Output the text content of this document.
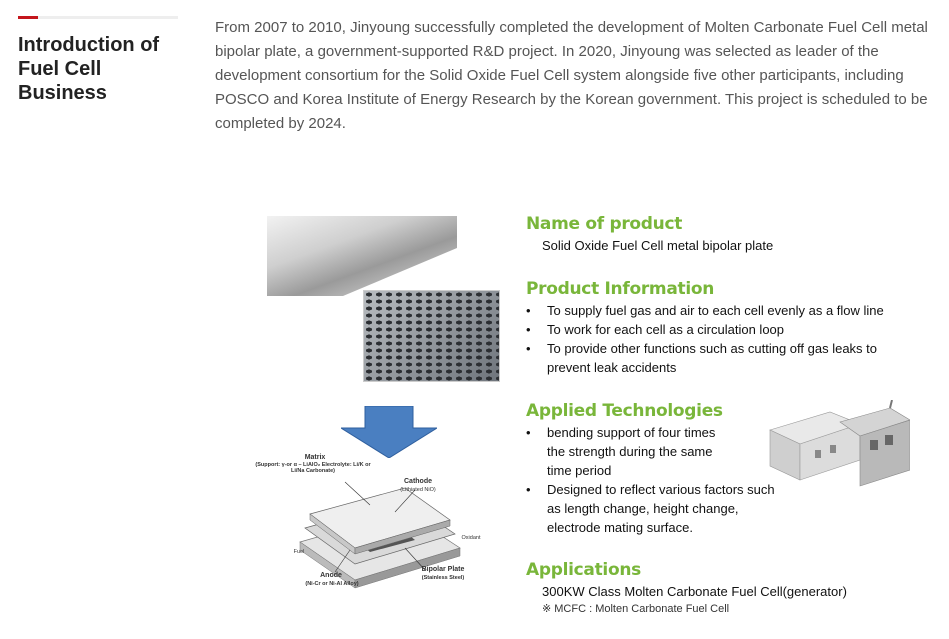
Introduction of Fuel Cell Business

From 2007 to 2010, Jinyoung successfully completed the development of Molten Carbonate Fuel Cell metal bipolar plate, a government-supported R&D project. In 2020, Jinyoung was selected as leader of the development consortium for the Solid Oxide Fuel Cell system alongside five other participants, including POSCO and Korea Institute of Energy Research by the Korean government. This project is scheduled to be completed by 2024.

Matrix
(Support: γ-or α – LiAlO₂ Electrolyte: Li/K or Li/Na Carbonate)
Cathode
(Lithiated NiO)
Oxidant
Fuel
Anode
(Ni-Cr or Ni-Al Alloy)
Bipolar Plate
(Stainless Steel)
Name of product

Solid Oxide Fuel Cell metal bipolar plate

Product Information
• To supply fuel gas and air to each cell evenly as a flow line
• To work for each cell as a circulation loop
• To provide other functions such as cutting off gas leaks to prevent leak accidents
Applied Technologies
• bending support of four times the strength during the same time period
• Designed to reflect various factors such as length change, height change, electrode mating surface.
Applications

300KW Class Molten Carbonate Fuel Cell(generator)

※ MCFC : Molten Carbonate Fuel Cell
